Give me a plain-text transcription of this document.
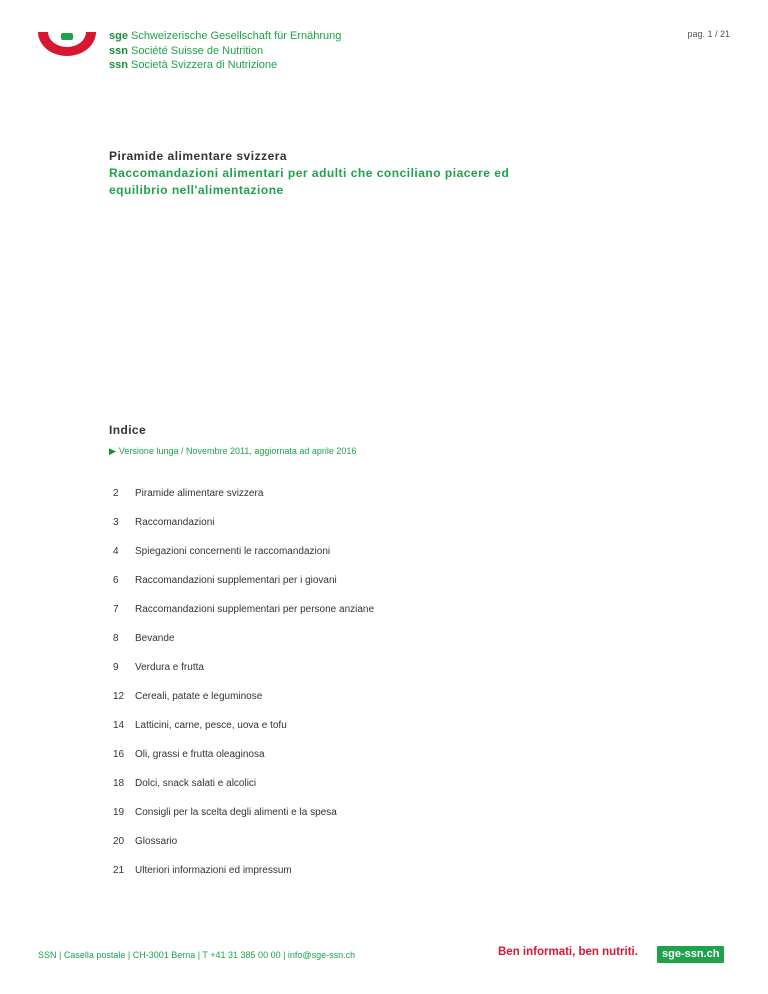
sge Schweizerische Gesellschaft für Ernährung
ssn Société Suisse de Nutrition
ssn Società Svizzera di Nutrizione
pag. 1 / 21
Piramide alimentare svizzera
Raccomandazioni alimentari per adulti che conciliano piacere ed equilibrio nell'alimentazione
Indice
▶ Versione lunga / Novembre 2011, aggiornata ad aprile 2016
2	Piramide alimentare svizzera
3	Raccomandazioni
4	Spiegazioni concernenti le raccomandazioni
6	Raccomandazioni supplementari per i giovani
7	Raccomandazioni supplementari per persone anziane
8	Bevande
9	Verdura e frutta
12	Cereali, patate e leguminose
14	Latticini, carne, pesce, uova e tofu
16	Oli, grassi e frutta oleaginosa
18	Dolci, snack salati e alcolici
19	Consigli per la scelta degli alimenti e la spesa
20	Glossario
21	Ulteriori informazioni ed impressum
SSN | Casella postale | CH-3001 Berna | T +41 31 385 00 00 | info@sge-ssn.ch	Ben informati, ben nutriti.	sge-ssn.ch
